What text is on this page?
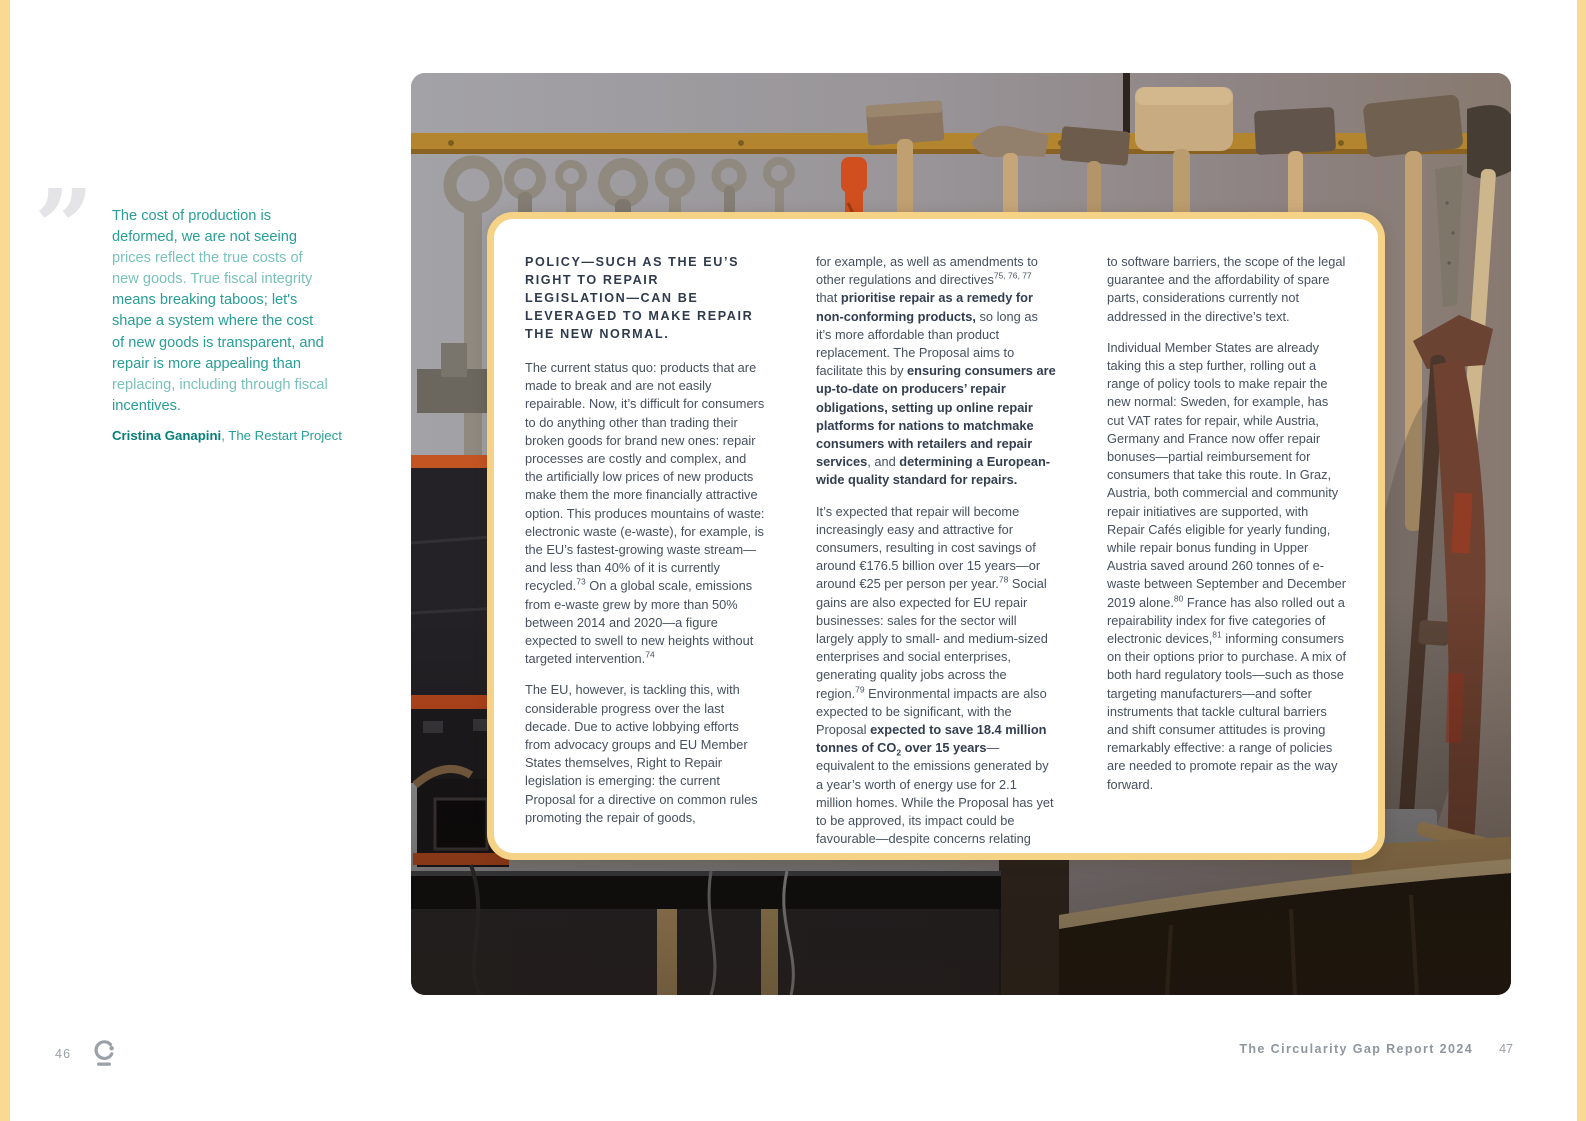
” The cost of production is
deformed, we are not seeing
prices reflect the true costs of
new goods. True fiscal integrity
means breaking taboos; let's
shape a system where the cost
of new goods is transparent, and
repair is more appealing than
replacing, including through fiscal
incentives.
Cristina Ganapini, The Restart Project
POLICY—SUCH AS THE EU’S RIGHT TO REPAIR LEGISLATION—CAN BE LEVERAGED TO MAKE REPAIR THE NEW NORMAL.

The current status quo: products that are made to break and are not easily repairable. Now, it’s difficult for consumers to do anything other than trading their broken goods for brand new ones: repair processes are costly and complex, and the artificially low prices of new products make them the more financially attractive option. This produces mountains of waste: electronic waste (e-waste), for example, is the EU’s fastest-growing waste stream—and less than 40% of it is currently recycled.$^{73}$ On a global scale, emissions from e-waste grew by more than 50% between 2014 and 2020—a figure expected to swell to new heights without targeted intervention.$^{74}$

The EU, however, is tackling this, with considerable progress over the last decade. Due to active lobbying efforts from advocacy groups and EU Member States themselves, Right to Repair legislation is emerging: the current Proposal for a directive on common rules promoting the repair of goods,

for example, as well as amendments to other regulations and directives$^{75, 76, 77}$ that prioritise repair as a remedy for non-conforming products, so long as it’s more affordable than product replacement. The Proposal aims to facilitate this by ensuring consumers are up-to-date on producers’ repair obligations, setting up online repair platforms for nations to matchmake consumers with retailers and repair services, and determining a European-wide quality standard for repairs.

It’s expected that repair will become increasingly easy and attractive for consumers, resulting in cost savings of around €176.5 billion over 15 years—or around €25 per person per year.$^{78}$ Social gains are also expected for EU repair businesses: sales for the sector will largely apply to small- and medium-sized enterprises and social enterprises, generating quality jobs across the region.$^{79}$ Environmental impacts are also expected to be significant, with the Proposal expected to save 18.4 million tonnes of $CO_2$ over 15 years—equivalent to the emissions generated by a year’s worth of energy use for 2.1 million homes. While the Proposal has yet to be approved, its impact could be favourable—despite concerns relating

to software barriers, the scope of the legal guarantee and the affordability of spare parts, considerations currently not addressed in the directive’s text.

Individual Member States are already taking this a step further, rolling out a range of policy tools to make repair the new normal: Sweden, for example, has cut VAT rates for repair, while Austria, Germany and France now offer repair bonuses—partial reimbursement for consumers that take this route. In Graz, Austria, both commercial and community repair initiatives are supported, with Repair Cafés eligible for yearly funding, while repair bonus funding in Upper Austria saved around 260 tonnes of e-waste between September and December 2019 alone.$^{80}$ France has also rolled out a repairability index for five categories of electronic devices,$^{81}$ informing consumers on their options prior to purchase. A mix of both hard regulatory tools—such as those targeting manufacturers—and softer instruments that tackle cultural barriers and shift consumer attitudes is proving remarkably effective: a range of policies are needed to promote repair as the way forward.

46	The Circularity Gap Report 2024 47
